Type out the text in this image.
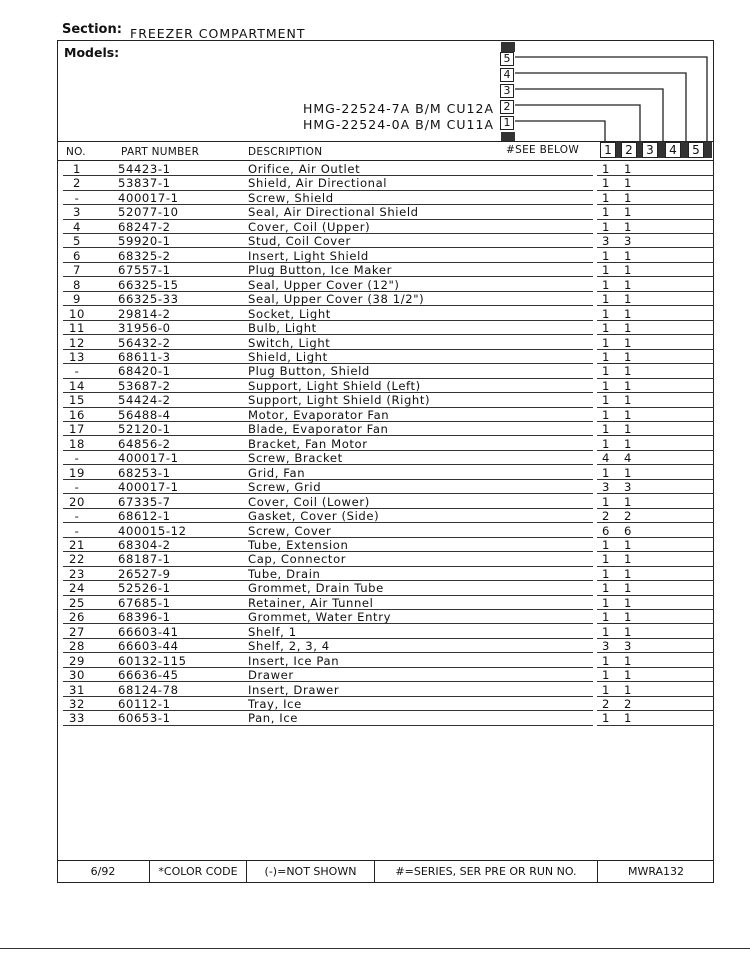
Section: FREEZER COMPARTMENT
Models:
HMG-22524-7A B/M CU12A
HMG-22524-0A B/M CU11A
5
4
3
2
1
NO.	PART NUMBER	DESCRIPTION	#SEE BELOW	1	2	3	4	5
1	54423-1	Orifice, Air Outlet	1 1
2	53837-1	Shield, Air Directional	1 1
-	400017-1	Screw, Shield	1 1
3	52077-10	Seal, Air Directional Shield	1 1
4	68247-2	Cover, Coil (Upper)	1 1
5	59920-1	Stud, Coil Cover	3 3
6	68325-2	Insert, Light Shield	1 1
7	67557-1	Plug Button, Ice Maker	1 1
8	66325-15	Seal, Upper Cover (12")	1 1
9	66325-33	Seal, Upper Cover (38 1/2")	1 1
10	29814-2	Socket, Light	1 1
11	31956-0	Bulb, Light	1 1
12	56432-2	Switch, Light	1 1
13	68611-3	Shield, Light	1 1
-	68420-1	Plug Button, Shield	1 1
14	53687-2	Support, Light Shield (Left)	1 1
15	54424-2	Support, Light Shield (Right)	1 1
16	56488-4	Motor, Evaporator Fan	1 1
17	52120-1	Blade, Evaporator Fan	1 1
18	64856-2	Bracket, Fan Motor	1 1
-	400017-1	Screw, Bracket	4 4
19	68253-1	Grid, Fan	1 1
-	400017-1	Screw, Grid	3 3
20	67335-7	Cover, Coil (Lower)	1 1
-	68612-1	Gasket, Cover (Side)	2 2
-	400015-12	Screw, Cover	6 6
21	68304-2	Tube, Extension	1 1
22	68187-1	Cap, Connector	1 1
23	26527-9	Tube, Drain	1 1
24	52526-1	Grommet, Drain Tube	1 1
25	67685-1	Retainer, Air Tunnel	1 1
26	68396-1	Grommet, Water Entry	1 1
27	66603-41	Shelf, 1	1 1
28	66603-44	Shelf, 2, 3, 4	3 3
29	60132-115	Insert, Ice Pan	1 1
30	66636-45	Drawer	1 1
31	68124-78	Insert, Drawer	1 1
32	60112-1	Tray, Ice	2 2
33	60653-1	Pan, Ice	1 1
6/92	*COLOR CODE	(-)=NOT SHOWN	#=SERIES, SER PRE OR RUN NO.	MWRA132
